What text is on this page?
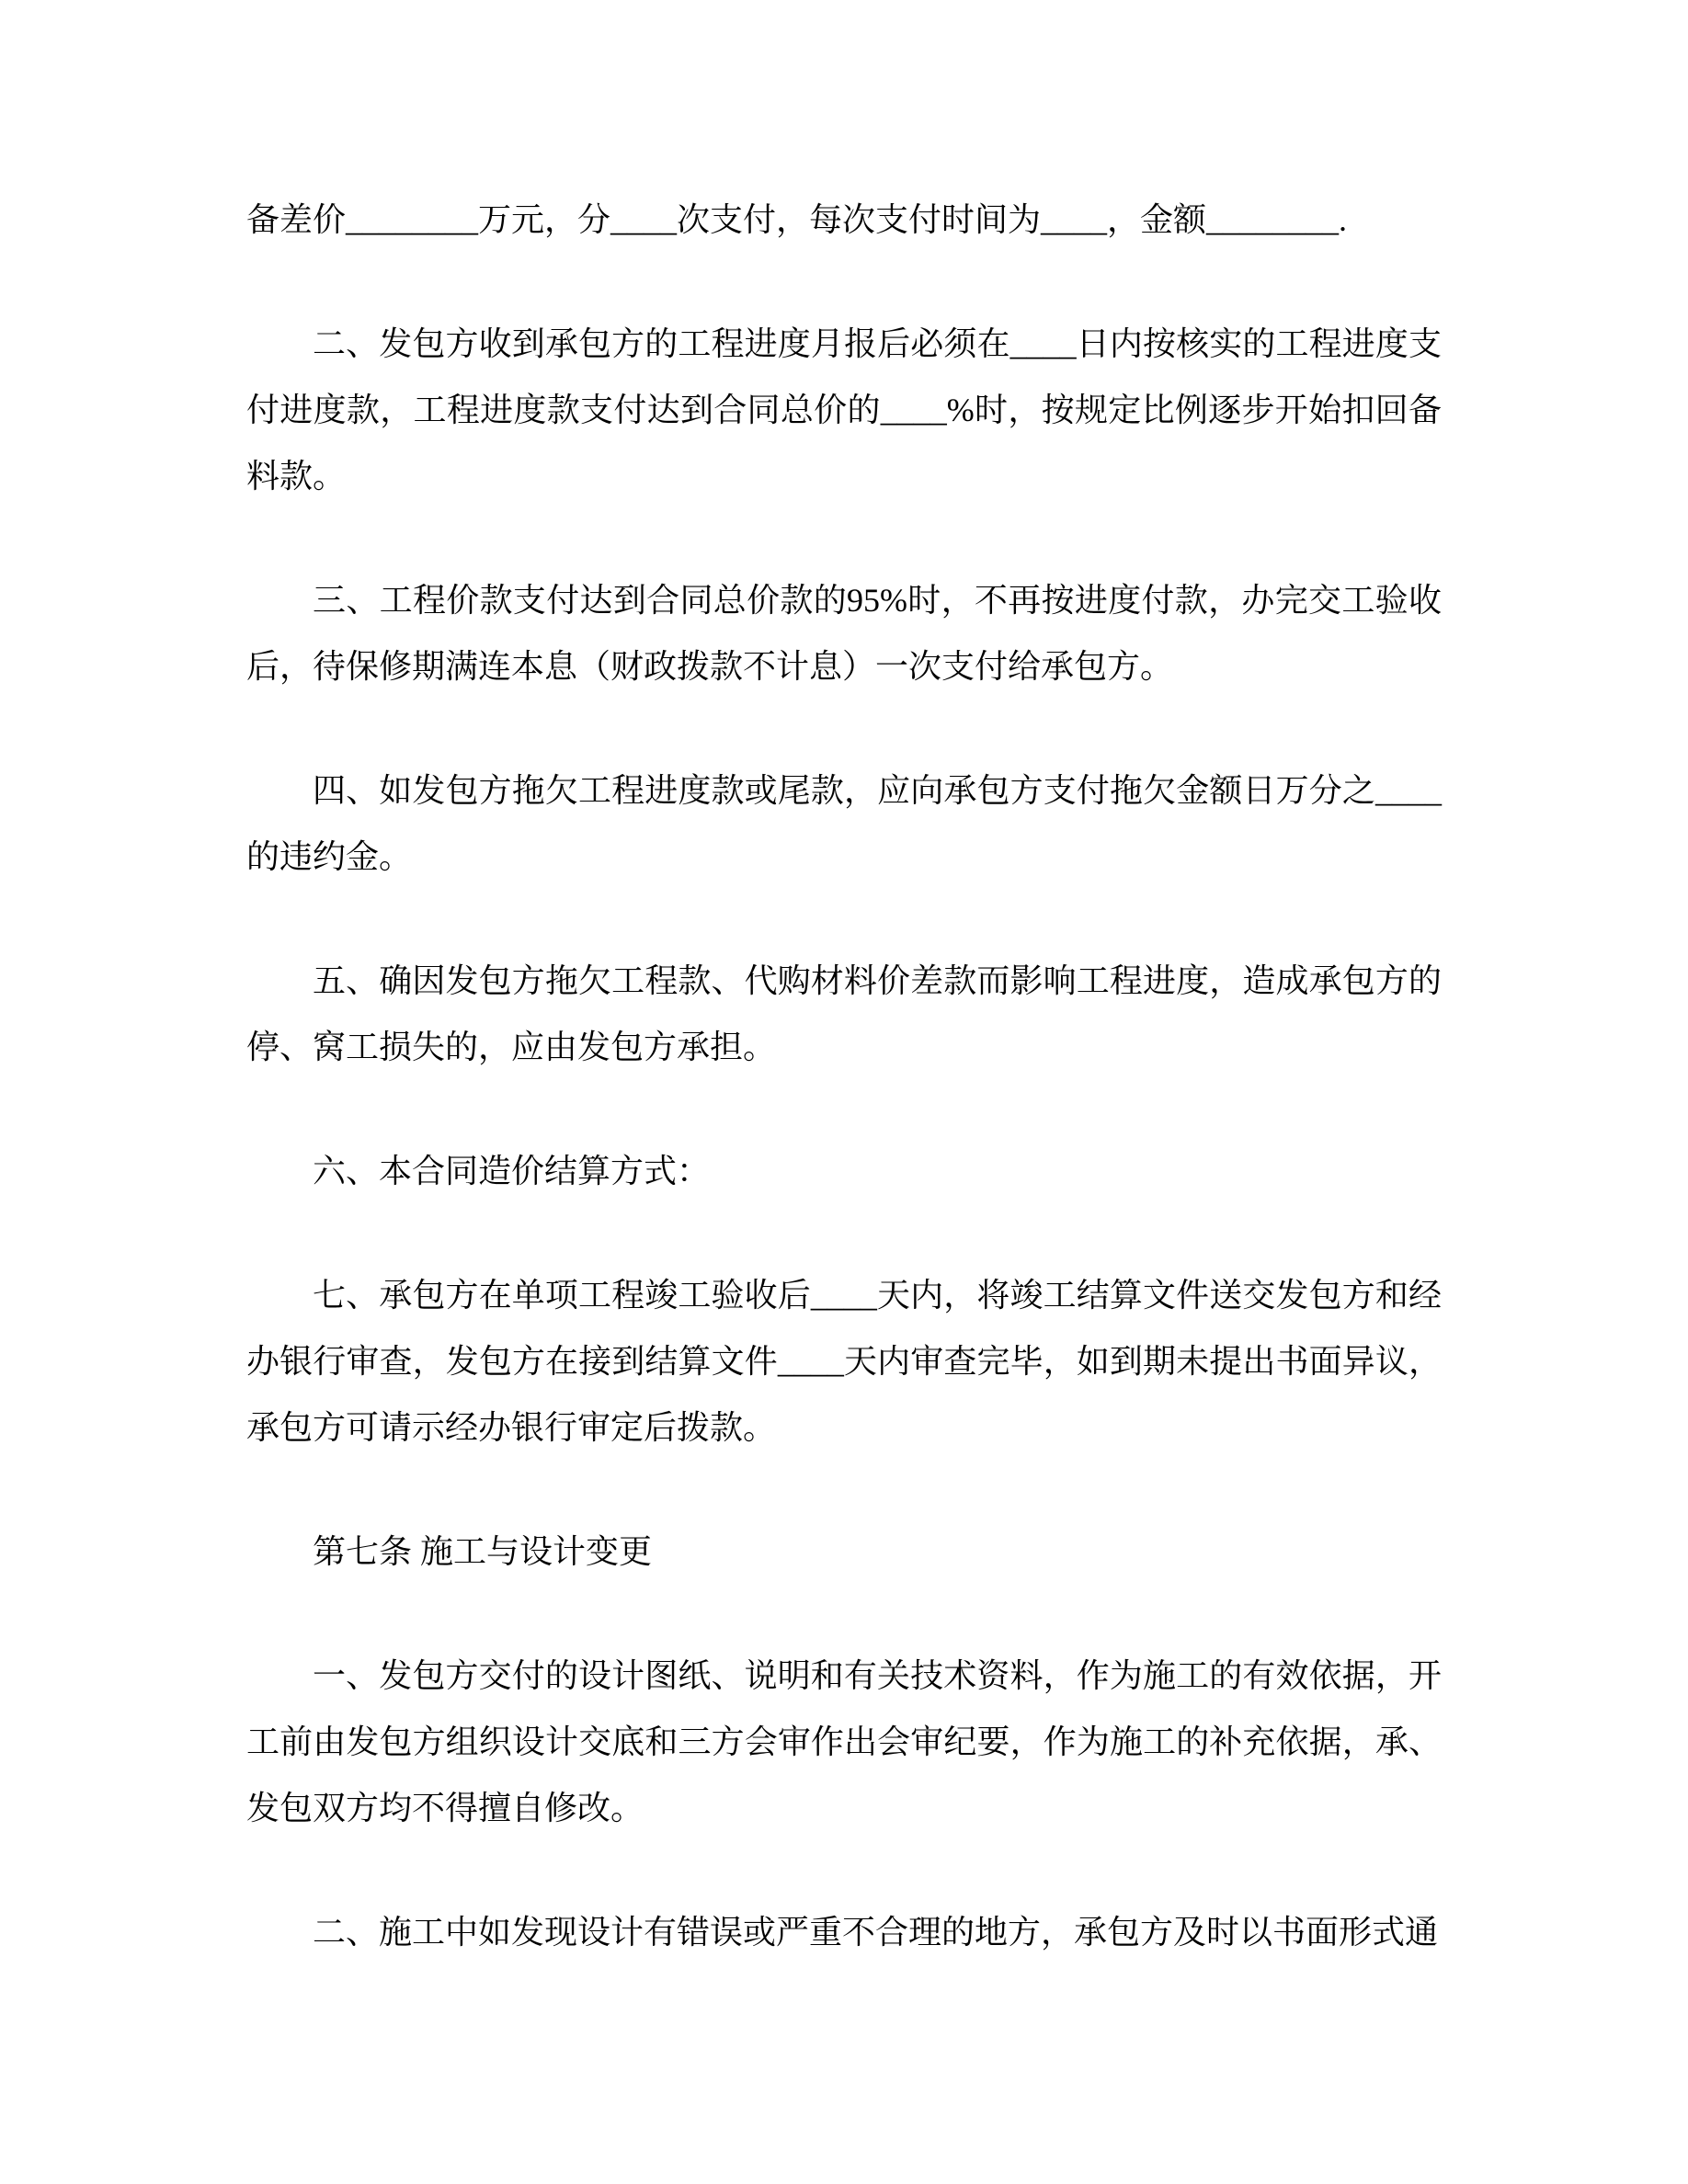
备差价________万元，分____次支付，每次支付时间为____，金额________.

二、发包方收到承包方的工程进度月报后必须在____日内按核实的工程进度支付进度款，工程进度款支付达到合同总价的____%时，按规定比例逐步开始扣回备料款。

三、工程价款支付达到合同总价款的95%时，不再按进度付款，办完交工验收后，待保修期满连本息（财政拨款不计息）一次支付给承包方。

四、如发包方拖欠工程进度款或尾款，应向承包方支付拖欠金额日万分之____的违约金。

五、确因发包方拖欠工程款、代购材料价差款而影响工程进度，造成承包方的停、窝工损失的，应由发包方承担。

六、本合同造价结算方式：

七、承包方在单项工程竣工验收后____天内，将竣工结算文件送交发包方和经办银行审查，发包方在接到结算文件____天内审查完毕，如到期未提出书面异议，承包方可请示经办银行审定后拨款。

第七条 施工与设计变更

一、发包方交付的设计图纸、说明和有关技术资料，作为施工的有效依据，开工前由发包方组织设计交底和三方会审作出会审纪要，作为施工的补充依据，承、发包双方均不得擅自修改。

二、施工中如发现设计有错误或严重不合理的地方，承包方及时以书面形式通
